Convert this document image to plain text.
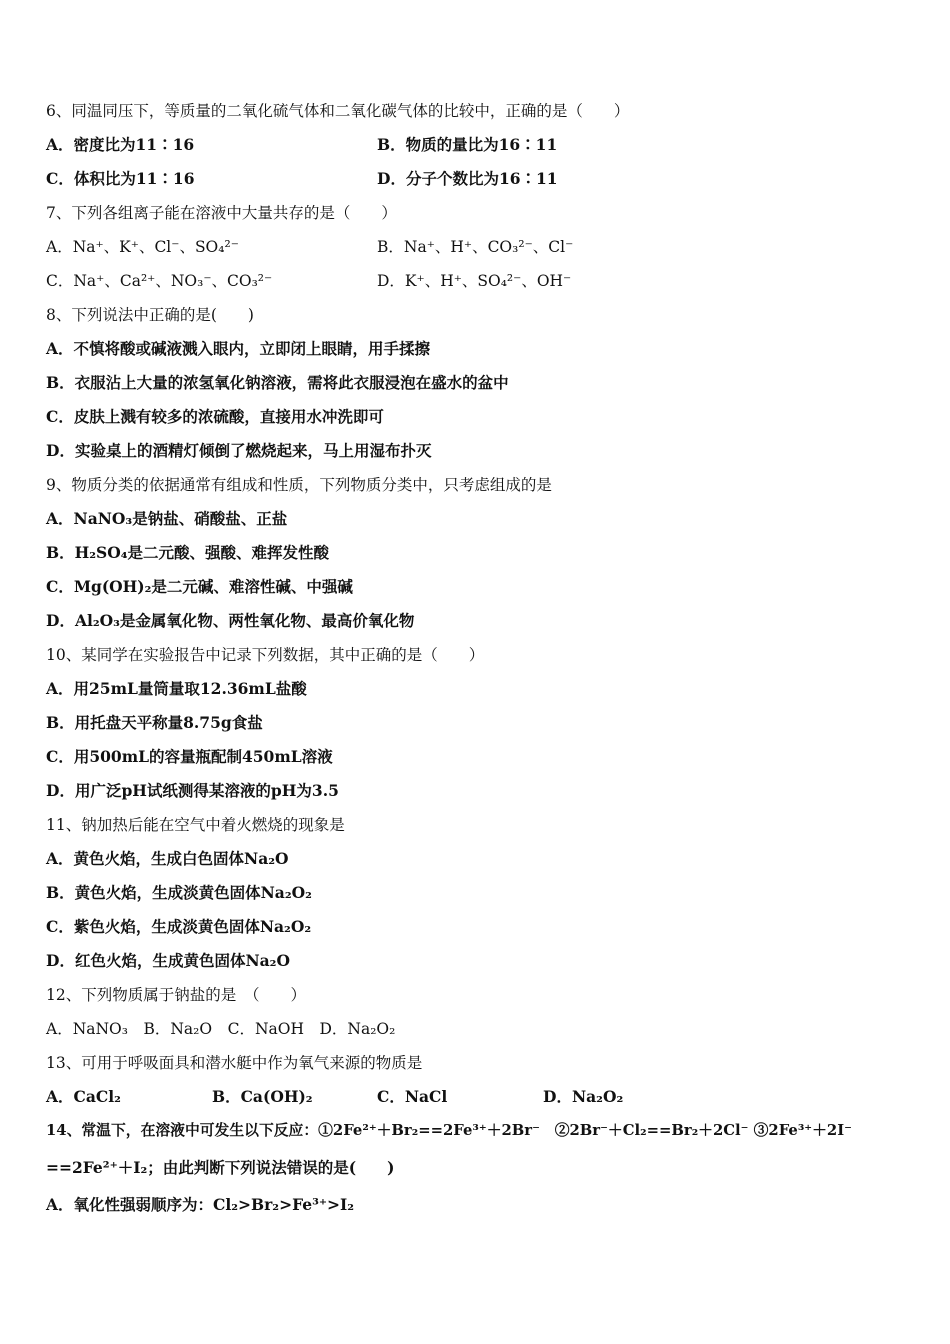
6、同温同压下，等质量的二氧化硫气体和二氧化碳气体的比较中，正确的是（　　）
A．密度比为11∶16	B．物质的量比为16∶11
C．体积比为11∶16	D．分子个数比为16∶11
7、下列各组离子能在溶液中大量共存的是（　　）
A．Na⁺、K⁺、Cl⁻、SO₄²⁻	B．Na⁺、H⁺、CO₃²⁻、Cl⁻
C．Na⁺、Ca²⁺、NO₃⁻、CO₃²⁻	D．K⁺、H⁺、SO₄²⁻、OH⁻
8、下列说法中正确的是(　　)
A．不慎将酸或碱液溅入眼内，立即闭上眼睛，用手揉擦
B．衣服沾上大量的浓氢氧化钠溶液，需将此衣服浸泡在盛水的盆中
C．皮肤上溅有较多的浓硫酸，直接用水冲洗即可
D．实验桌上的酒精灯倾倒了燃烧起来，马上用湿布扑灭
9、物质分类的依据通常有组成和性质，下列物质分类中，只考虑组成的是
A．NaNO₃是钠盐、硝酸盐、正盐
B．H₂SO₄是二元酸、强酸、难挥发性酸
C．Mg(OH)₂是二元碱、难溶性碱、中强碱
D．Al₂O₃是金属氧化物、两性氧化物、最高价氧化物
10、某同学在实验报告中记录下列数据，其中正确的是（　　）
A．用25mL量筒量取12.36mL盐酸
B．用托盘天平称量8.75g食盐
C．用500mL的容量瓶配制450mL溶液
D．用广泛pH试纸测得某溶液的pH为3.5
11、钠加热后能在空气中着火燃烧的现象是
A．黄色火焰，生成白色固体Na₂O
B．黄色火焰，生成淡黄色固体Na₂O₂
C．紫色火焰，生成淡黄色固体Na₂O₂
D．红色火焰，生成黄色固体Na₂O
12、下列物质属于钠盐的是　（　　）
A．NaNO₃　B．Na₂O　C．NaOH　D．Na₂O₂
13、可用于呼吸面具和潜水艇中作为氧气来源的物质是
A．CaCl₂	B．Ca(OH)₂	C．NaCl	D．Na₂O₂
14、常温下，在溶液中可发生以下反应：①2Fe²⁺＋Br₂==2Fe³⁺＋2Br⁻　②2Br⁻＋Cl₂==Br₂＋2Cl⁻ ③2Fe³⁺＋2I⁻
==2Fe²⁺＋I₂；由此判断下列说法错误的是(　　)
A．氧化性强弱顺序为：Cl₂>Br₂>Fe³⁺>I₂
